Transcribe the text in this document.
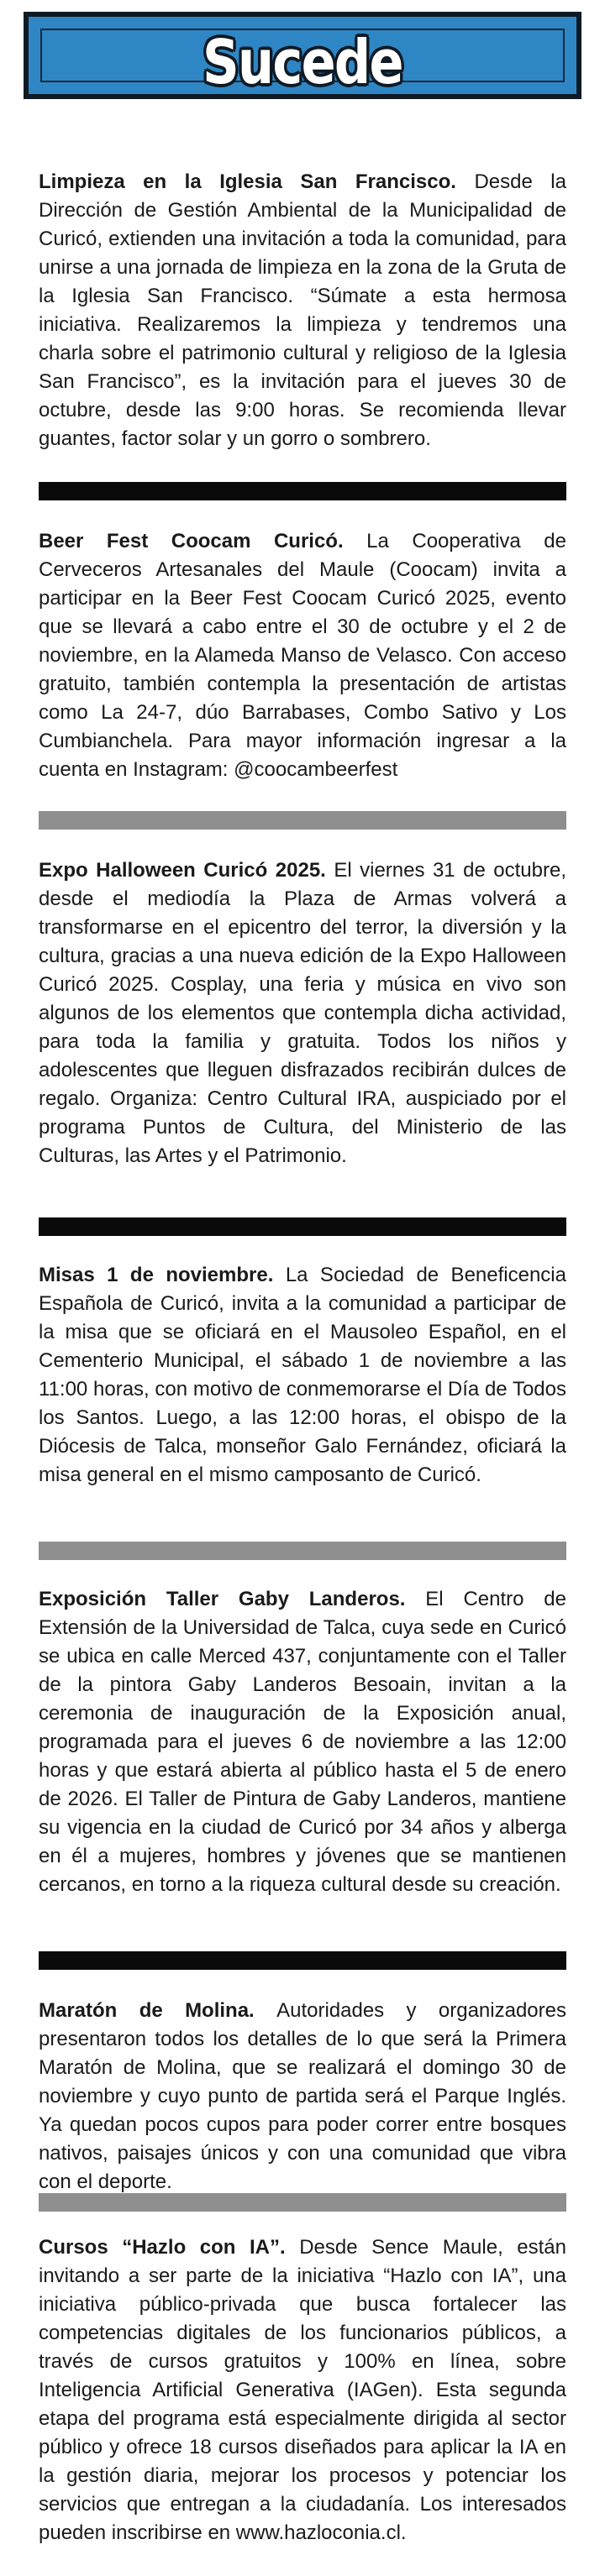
Sucede
Limpieza en la Iglesia San Francisco. Desde la Dirección de Gestión Ambiental de la Municipalidad de Curicó, extienden una invitación a toda la comunidad, para unirse a una jornada de limpieza en la zona de la Gruta de la Iglesia San Francisco. “Súmate a esta hermosa iniciativa. Realizaremos la limpieza y tendremos una charla sobre el patrimonio cultural y religioso de la Iglesia San Francisco”, es la invitación para el jueves 30 de octubre, desde las 9:00 horas. Se recomienda llevar guantes, factor solar y un gorro o sombrero.
Beer Fest Coocam Curicó. La Cooperativa de Cerveceros Artesanales del Maule (Coocam) invita a participar en la Beer Fest Coocam Curicó 2025, evento que se llevará a cabo entre el 30 de octubre y el 2 de noviembre, en la Alameda Manso de Velasco. Con acceso gratuito, también contempla la presentación de artistas como La 24-7, dúo Barrabases, Combo Sativo y Los Cumbianchela. Para mayor información ingresar a la cuenta en Instagram: @coocambeerfest
Expo Halloween Curicó 2025. El viernes 31 de octubre, desde el mediodía la Plaza de Armas volverá a transformarse en el epicentro del terror, la diversión y la cultura, gracias a una nueva edición de la Expo Halloween Curicó 2025. Cosplay, una feria y música en vivo son algunos de los elementos que contempla dicha actividad, para toda la familia y gratuita. Todos los niños y adolescentes que lleguen disfrazados recibirán dulces de regalo. Organiza: Centro Cultural IRA, auspiciado por el programa Puntos de Cultura, del Ministerio de las Culturas, las Artes y el Patrimonio.
Misas 1 de noviembre. La Sociedad de Beneficencia Española de Curicó, invita a la comunidad a participar de la misa que se oficiará en el Mausoleo Español, en el Cementerio Municipal, el sábado 1 de noviembre a las 11:00 horas, con motivo de conmemorarse el Día de Todos los Santos. Luego, a las 12:00 horas, el obispo de la Diócesis de Talca, monseñor Galo Fernández, oficiará la misa general en el mismo camposanto de Curicó.
Exposición Taller Gaby Landeros. El Centro de Extensión de la Universidad de Talca, cuya sede en Curicó se ubica en calle Merced 437, conjuntamente con el Taller de la pintora Gaby Landeros Besoain, invitan a la ceremonia de inauguración de la Exposición anual, programada para el jueves 6 de noviembre a las 12:00 horas y que estará abierta al público hasta el 5 de enero de 2026. El Taller de Pintura de Gaby Landeros, mantiene su vigencia en la ciudad de Curicó por 34 años y alberga en él a mujeres, hombres y jóvenes que se mantienen cercanos, en torno a la riqueza cultural desde su creación.
Maratón de Molina. Autoridades y organizadores presentaron todos los detalles de lo que será la Primera Maratón de Molina, que se realizará el domingo 30 de noviembre y cuyo punto de partida será el Parque Inglés. Ya quedan pocos cupos para poder correr entre bosques nativos, paisajes únicos y con una comunidad que vibra con el deporte.
Cursos “Hazlo con IA”. Desde Sence Maule, están invitando a ser parte de la iniciativa “Hazlo con IA”, una iniciativa público-privada que busca fortalecer las competencias digitales de los funcionarios públicos, a través de cursos gratuitos y 100% en línea, sobre Inteligencia Artificial Generativa (IAGen). Esta segunda etapa del programa está especialmente dirigida al sector público y ofrece 18 cursos diseñados para aplicar la IA en la gestión diaria, mejorar los procesos y potenciar los servicios que entregan a la ciudadanía. Los interesados pueden inscribirse en www.hazloconia.cl.
